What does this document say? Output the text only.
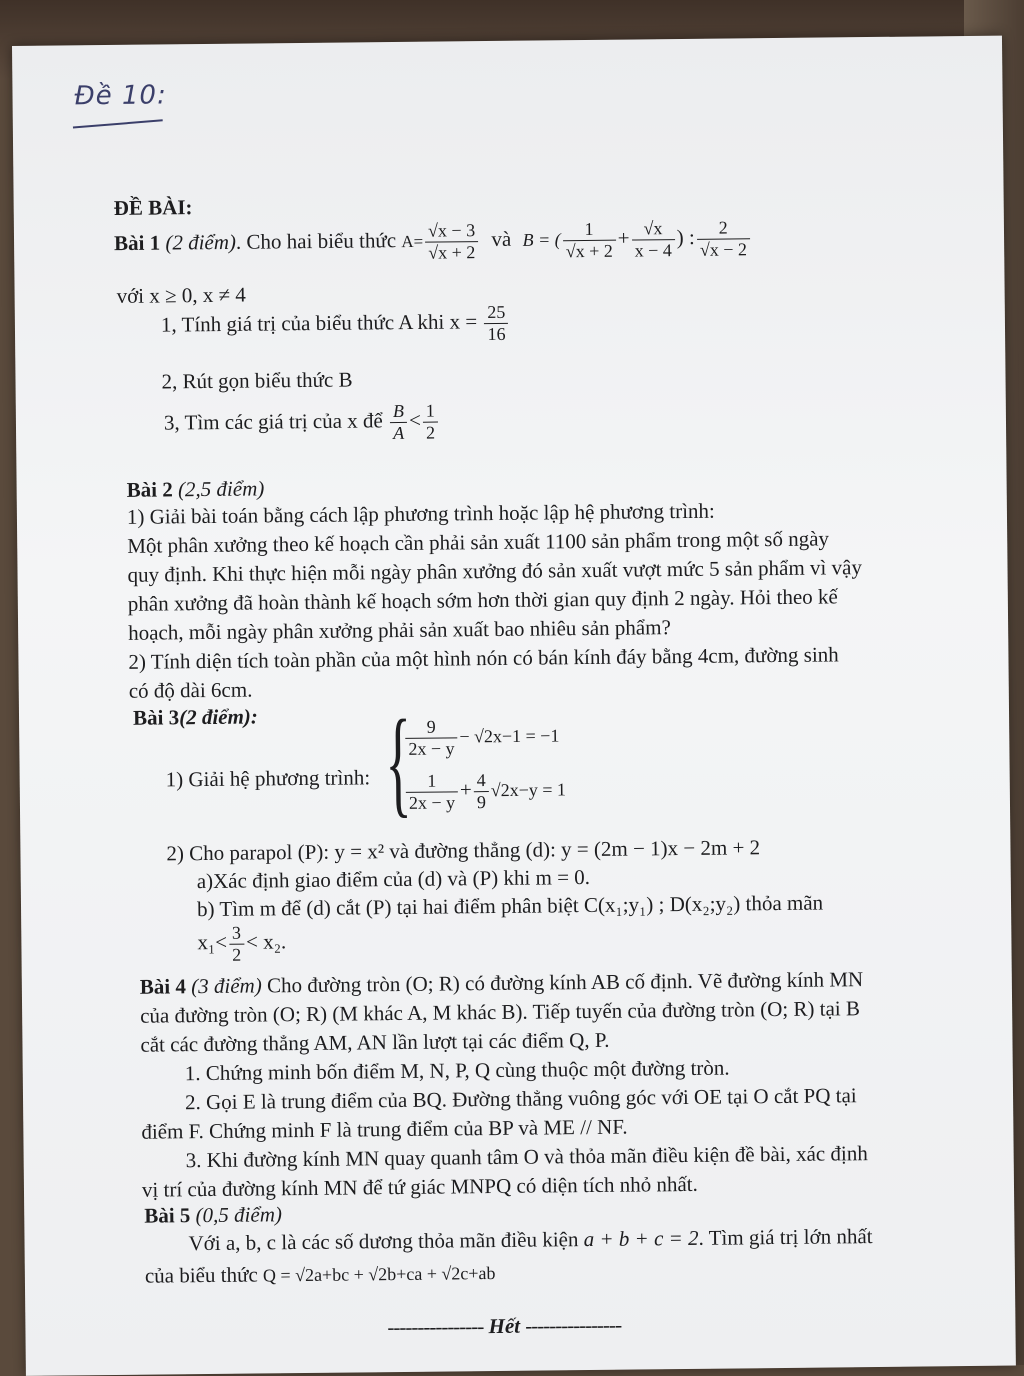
Đề 10:
ĐỀ BÀI:
Bài 1 (2 điểm). Cho hai biểu thức $A= \frac{√x - 3}{√x + 2}$ và B = ( $\frac{1}{√x + 2} + \frac{√x}{x - 4}$ ) : $\frac{2}{√x - 2}$
với x ≥ 0, x ≠ 4
1, Tính giá trị của biểu thức A khi $x = \frac{25}{16}$
2, Rút gọn biểu thức B
3, Tìm các giá trị của x để $\frac{B}{A} < \frac{1}{2}$
Bài 2 (2,5 điểm)
1) Giải bài toán bằng cách lập phương trình hoặc lập hệ phương trình:
Một phân xưởng theo kế hoạch cần phải sản xuất 1100 sản phẩm trong một số ngày
quy định. Khi thực hiện mỗi ngày phân xưởng đó sản xuất vượt mức 5 sản phẩm vì vậy
phân xưởng đã hoàn thành kế hoạch sớm hơn thời gian quy định 2 ngày. Hỏi theo kế
hoạch, mỗi ngày phân xưởng phải sản xuất bao nhiêu sản phẩm?
2) Tính diện tích toàn phần của một hình nón có bán kính đáy bằng 4cm, đường sinh
có độ dài 6cm.
Bài 3(2 điểm):
1) Giải hệ phương trình: {
$\frac{9}{2x - y} - √2x-1 = -1$
$\frac{1}{2x - y} + \frac{4}{9} √2x-y = 1$
2) Cho parapol (P): y = x² và đường thẳng (d): y = (2m − 1)x − 2m + 2
a)Xác định giao điểm của (d) và (P) khi m = 0.
b) Tìm m để (d) cắt (P) tại hai điểm phân biệt C(x₁;y₁) ; D(x₂;y₂) thỏa mãn
$x_1< \frac{3}{2} < x_2$.
Bài 4 (3 điểm) Cho đường tròn (O; R) có đường kính AB cố định. Vẽ đường kính MN
của đường tròn (O; R) (M khác A, M khác B). Tiếp tuyến của đường tròn (O; R) tại B
cắt các đường thẳng AM, AN lần lượt tại các điểm Q, P.
1. Chứng minh bốn điểm M, N, P, Q cùng thuộc một đường tròn.
2. Gọi E là trung điểm của BQ. Đường thẳng vuông góc với OE tại O cắt PQ tại
điểm F. Chứng minh F là trung điểm của BP và ME // NF.
3. Khi đường kính MN quay quanh tâm O và thỏa mãn điều kiện đề bài, xác định
vị trí của đường kính MN để tứ giác MNPQ có diện tích nhỏ nhất.
Bài 5 (0,5 điểm)
Với a, b, c là các số dương thỏa mãn điều kiện a + b + c = 2. Tìm giá trị lớn nhất
của biểu thức Q = √2a+bc + √2b+ca + √2c+ab
---------------- Hết ----------------
